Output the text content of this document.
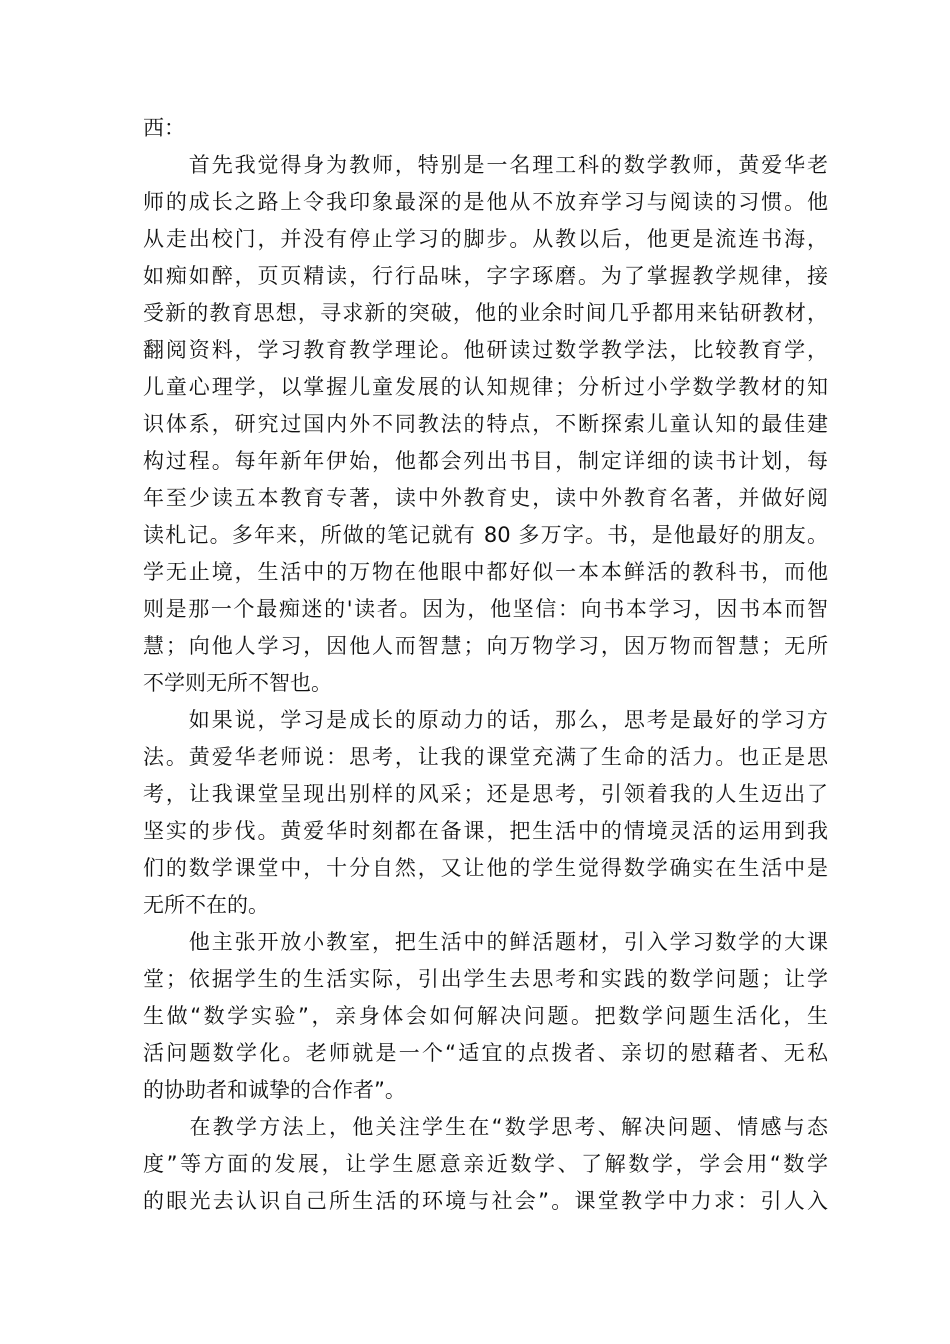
西：
　　首先我觉得身为教师，特别是一名理工科的数学教师，黄爱华老
师的成长之路上令我印象最深的是他从不放弃学习与阅读的习惯。他
从走出校门，并没有停止学习的脚步。从教以后，他更是流连书海，
如痴如醉，页页精读，行行品味，字字琢磨。为了掌握教学规律，接
受新的教育思想，寻求新的突破，他的业余时间几乎都用来钻研教材，
翻阅资料，学习教育教学理论。他研读过数学教学法，比较教育学，
儿童心理学，以掌握儿童发展的认知规律；分析过小学数学教材的知
识体系，研究过国内外不同教法的特点，不断探索儿童认知的最佳建
构过程。每年新年伊始，他都会列出书目，制定详细的读书计划，每
年至少读五本教育专著，读中外教育史，读中外教育名著，并做好阅
读札记。多年来，所做的笔记就有 80 多万字。书，是他最好的朋友。
学无止境，生活中的万物在他眼中都好似一本本鲜活的教科书，而他
则是那一个最痴迷的'读者。因为，他坚信：向书本学习，因书本而智
慧；向他人学习，因他人而智慧；向万物学习，因万物而智慧；无所
不学则无所不智也。
　　如果说，学习是成长的原动力的话，那么，思考是最好的学习方
法。黄爱华老师说：思考，让我的课堂充满了生命的活力。也正是思
考，让我课堂呈现出别样的风采；还是思考，引领着我的人生迈出了
坚实的步伐。黄爱华时刻都在备课，把生活中的情境灵活的运用到我
们的数学课堂中，十分自然，又让他的学生觉得数学确实在生活中是
无所不在的。
　　他主张开放小教室，把生活中的鲜活题材，引入学习数学的大课
堂；依据学生的生活实际，引出学生去思考和实践的数学问题；让学
生做“数学实验”，亲身体会如何解决问题。把数学问题生活化，生
活问题数学化。老师就是一个“适宜的点拨者、亲切的慰藉者、无私
的协助者和诚挚的合作者”。
　　在教学方法上，他关注学生在“数学思考、解决问题、情感与态
度”等方面的发展，让学生愿意亲近数学、了解数学，学会用“数学
的眼光去认识自己所生活的环境与社会”。课堂教学中力求：引人入
